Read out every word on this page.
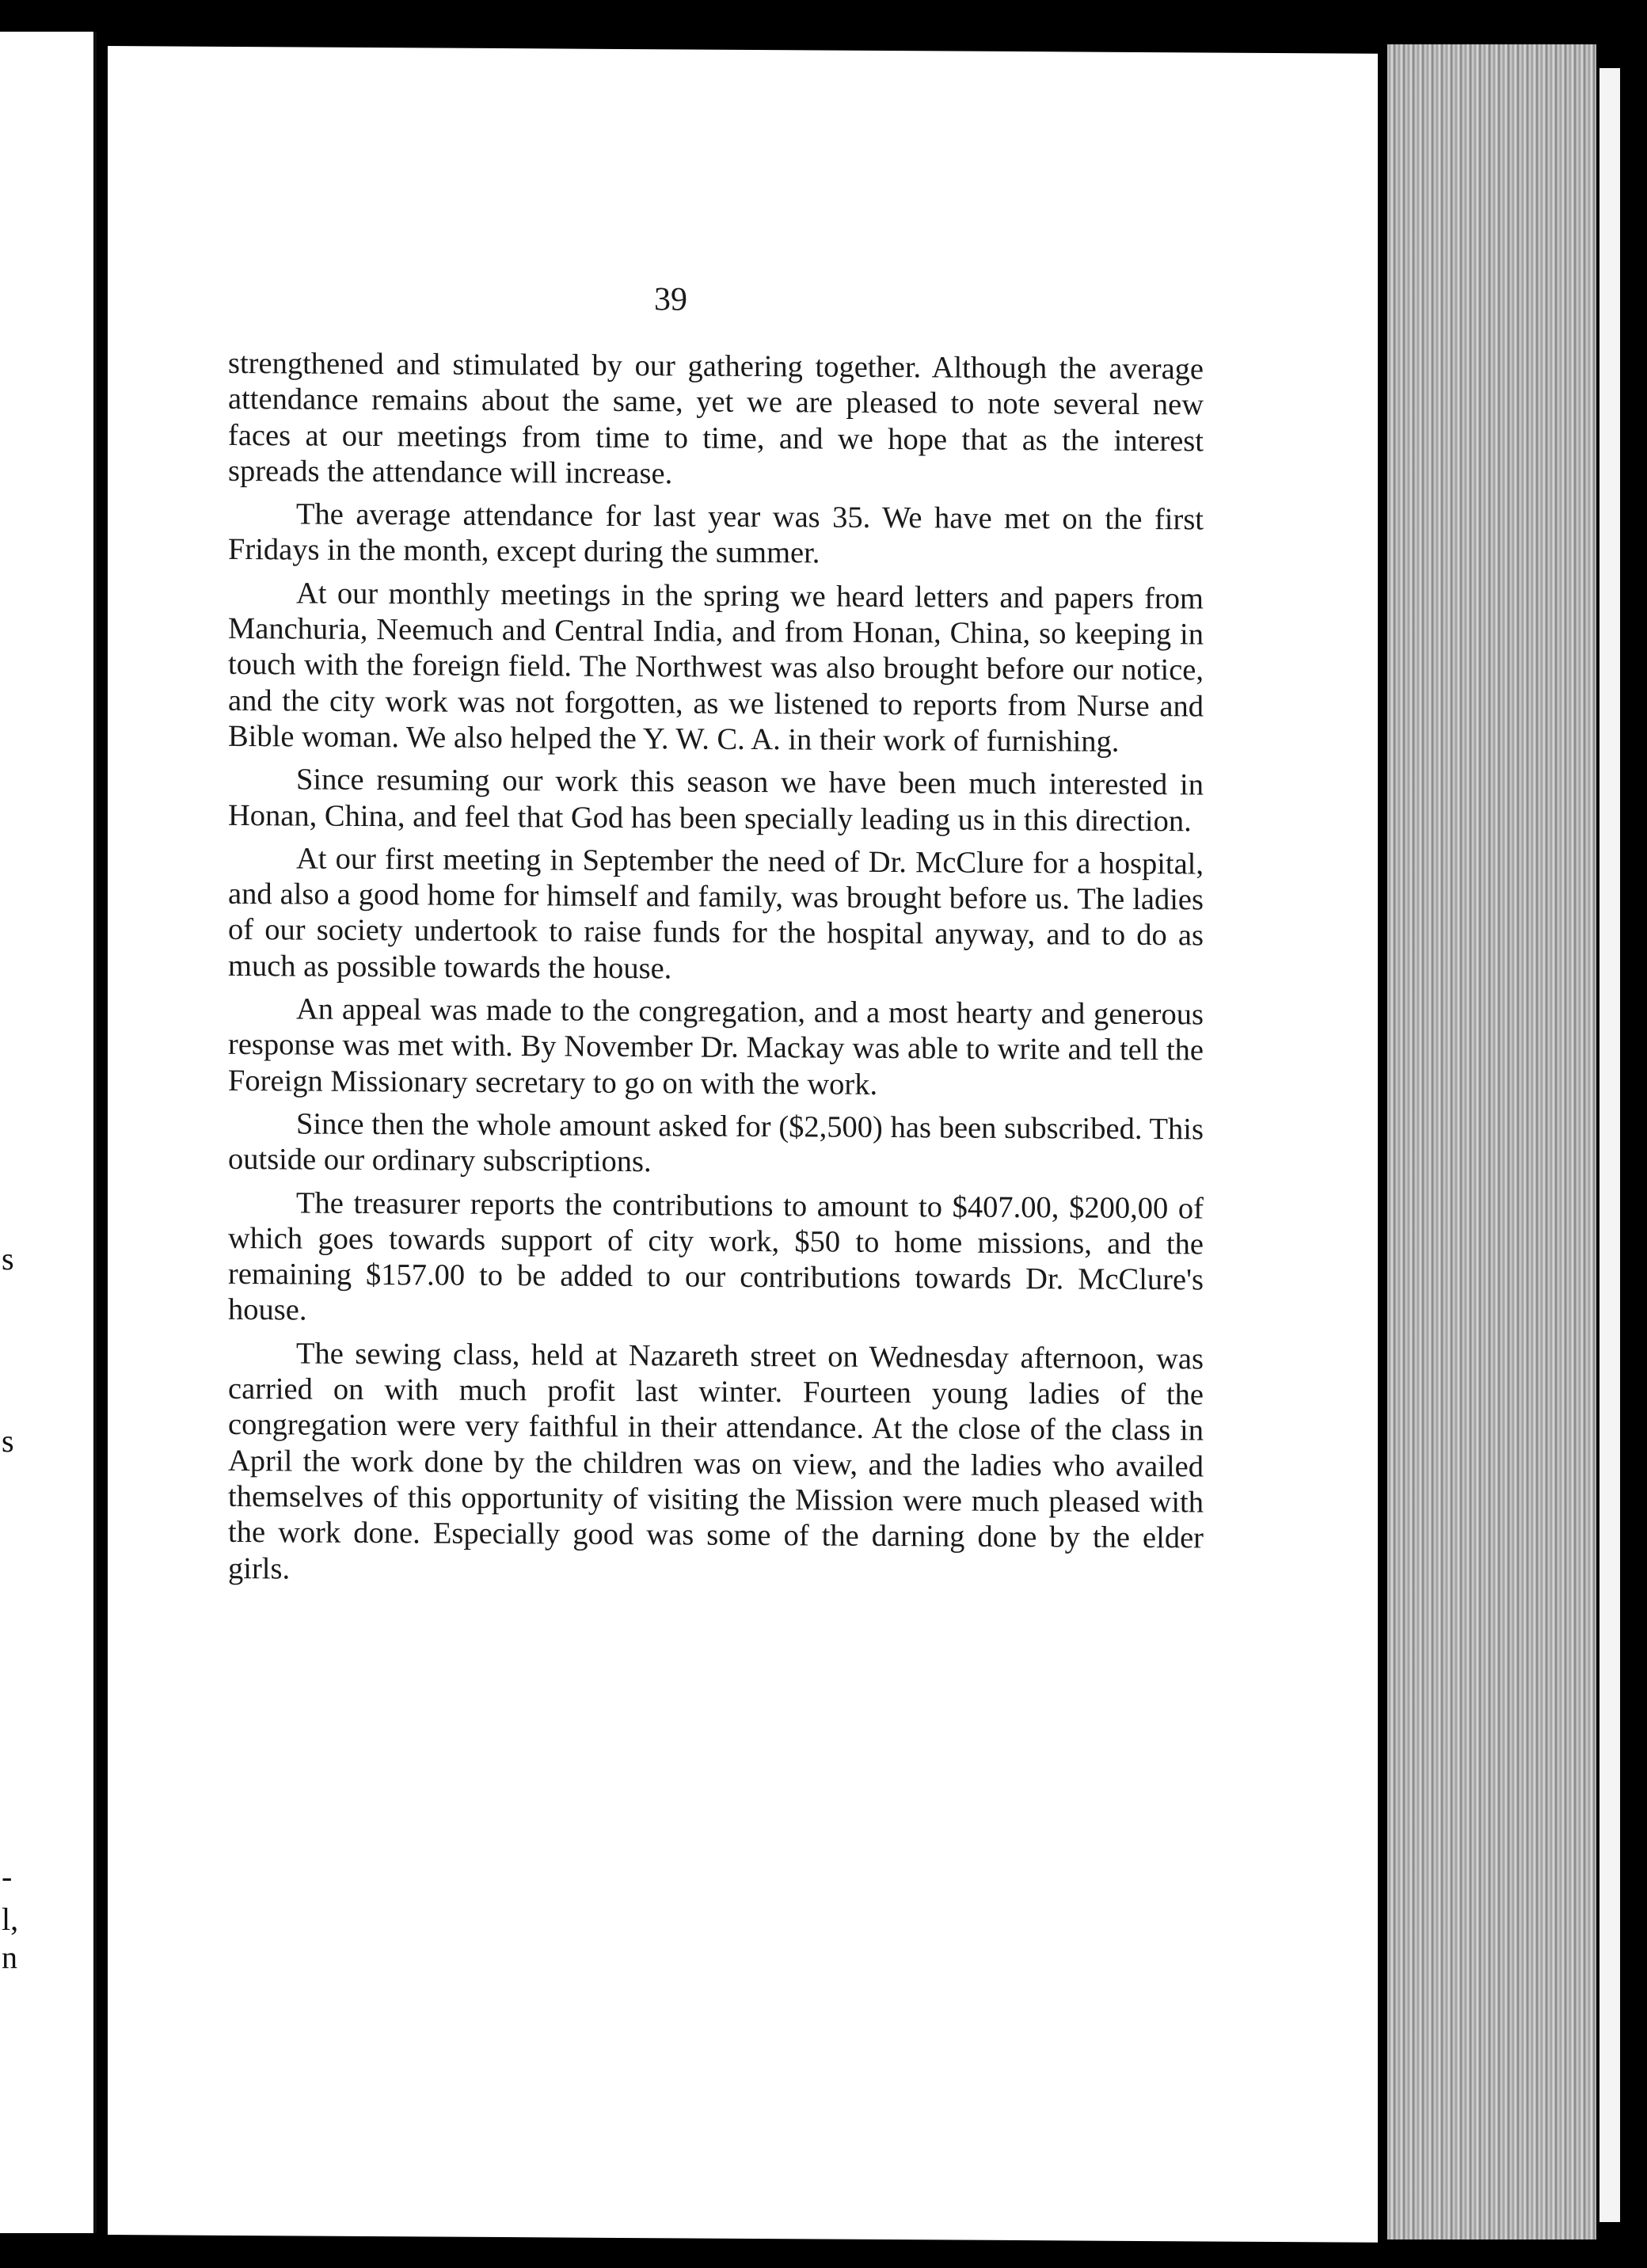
s
s
-
l,
n
39

strengthened and stimulated by our gathering together. Although the average attendance remains about the same, yet we are pleased to note several new faces at our meetings from time to time, and we hope that as the interest spreads the attendance will increase.

The average attendance for last year was 35. We have met on the first Fridays in the month, except during the summer.

At our monthly meetings in the spring we heard letters and papers from Manchuria, Neemuch and Central India, and from Honan, China, so keeping in touch with the foreign field. The Northwest was also brought before our notice, and the city work was not forgotten, as we listened to reports from Nurse and Bible woman. We also helped the Y. W. C. A. in their work of furnishing.

Since resuming our work this season we have been much interested in Honan, China, and feel that God has been specially leading us in this direction.

At our first meeting in September the need of Dr. McClure for a hospital, and also a good home for himself and family, was brought before us. The ladies of our society undertook to raise funds for the hospital anyway, and to do as much as possible towards the house.

An appeal was made to the congregation, and a most hearty and generous response was met with. By November Dr. Mackay was able to write and tell the Foreign Missionary secretary to go on with the work.

Since then the whole amount asked for ($2,500) has been subscribed. This outside our ordinary subscriptions.

The treasurer reports the contributions to amount to $407.00, $200,00 of which goes towards support of city work, $50 to home missions, and the remaining $157.00 to be added to our contributions towards Dr. McClure's house.

The sewing class, held at Nazareth street on Wednesday afternoon, was carried on with much profit last winter. Fourteen young ladies of the congregation were very faithful in their attendance. At the close of the class in April the work done by the children was on view, and the ladies who availed themselves of this opportunity of visiting the Mission were much pleased with the work done. Especially good was some of the darning done by the elder girls.
